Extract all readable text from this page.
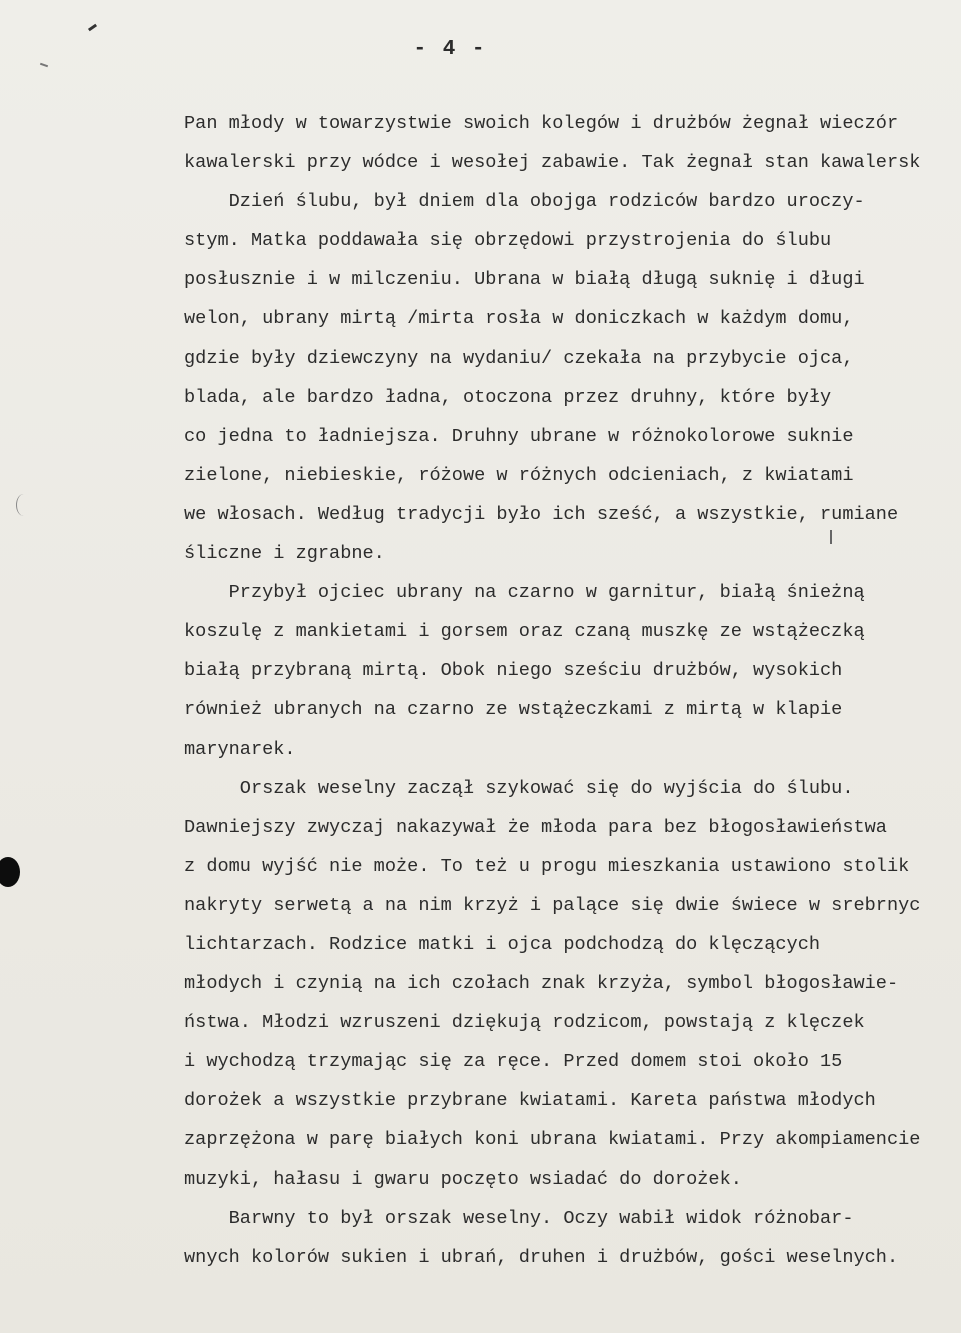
- 4 -
Pan młody w towarzystwie swoich kolegów i drużbów żegnał wieczór
kawalerski przy wódce i wesołej zabawie. Tak żegnał stan kawalersk
Dzień ślubu, był dniem dla obojga rodziców bardzo uroczy-
stym. Matka poddawała się obrzędowi przystrojenia do ślubu
posłusznie i w milczeniu. Ubrana w białą długą suknię i długi
welon, ubrany mirtą /mirta rosła w doniczkach w każdym domu,
gdzie były dziewczyny na wydaniu/ czekała na przybycie ojca,
blada, ale bardzo ładna, otoczona przez druhny, które były
co jedna to ładniejsza. Druhny ubrane w różnokolorowe suknie
zielone, niebieskie, różowe w różnych odcieniach, z kwiatami
we włosach. Według tradycji było ich sześć, a wszystkie, rumiane
śliczne i zgrabne.
Przybył ojciec ubrany na czarno w garnitur, białą śnieżną
koszulę z mankietami i gorsem oraz czaną muszkę ze wstążeczką
białą przybraną mirtą. Obok niego sześciu drużbów, wysokich
również ubranych na czarno ze wstążeczkami z mirtą w klapie
marynarek.
Orszak weselny zaczął szykować się do wyjścia do ślubu.
Dawniejszy zwyczaj nakazywał że młoda para bez błogosławieństwa
z domu wyjść nie może. To też u progu mieszkania ustawiono stolik
nakryty serwetą a na nim krzyż i palące się dwie świece w srebrnyc
lichtarzach. Rodzice matki i ojca podchodzą do klęczących
młodych i czynią na ich czołach znak krzyża, symbol błogosławie-
ństwa. Młodzi wzruszeni dziękują rodzicom, powstają z klęczek
i wychodzą trzymając się za ręce. Przed domem stoi około 15
dorożek a wszystkie przybrane kwiatami. Kareta państwa młodych
zaprzężona w parę białych koni ubrana kwiatami. Przy akompiamencie
muzyki, hałasu i gwaru poczęto wsiadać do dorożek.
Barwny to był orszak weselny. Oczy wabił widok różnobar-
wnych kolorów sukien i ubrań, druhen i drużbów, gości weselnych.
